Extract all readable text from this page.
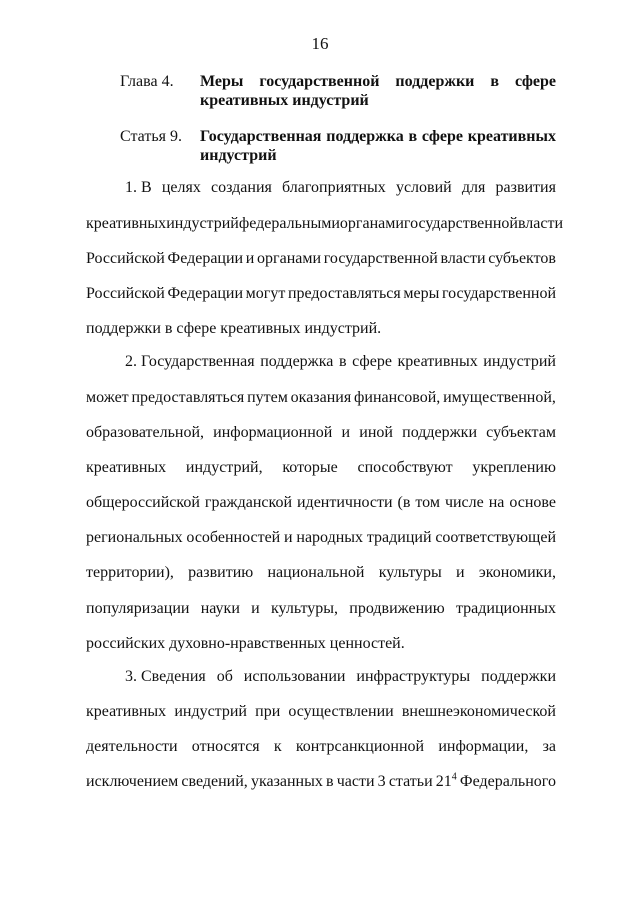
16
Глава 4. Меры государственной поддержки в сфере креативных индустрий
Статья 9. Государственная поддержка в сфере креативных индустрий
1. В целях создания благоприятных условий для развития
креативных индустрий федеральными органами государственной власти
Российской Федерации и органами государственной власти субъектов
Российской Федерации могут предоставляться меры государственной
поддержки в сфере креативных индустрий.
2. Государственная поддержка в сфере креативных индустрий
может предоставляться путем оказания финансовой, имущественной,
образовательной, информационной и иной поддержки субъектам
креативных индустрий, которые способствуют укреплению
общероссийской гражданской идентичности (в том числе на основе
региональных особенностей и народных традиций соответствующей
территории), развитию национальной культуры и экономики,
популяризации науки и культуры, продвижению традиционных
российских духовно-нравственных ценностей.
3. Сведения об использовании инфраструктуры поддержки
креативных индустрий при осуществлении внешнеэкономической
деятельности относятся к контрсанкционной информации, за
исключением сведений, указанных в части 3 статьи $21^4$ Федерального
